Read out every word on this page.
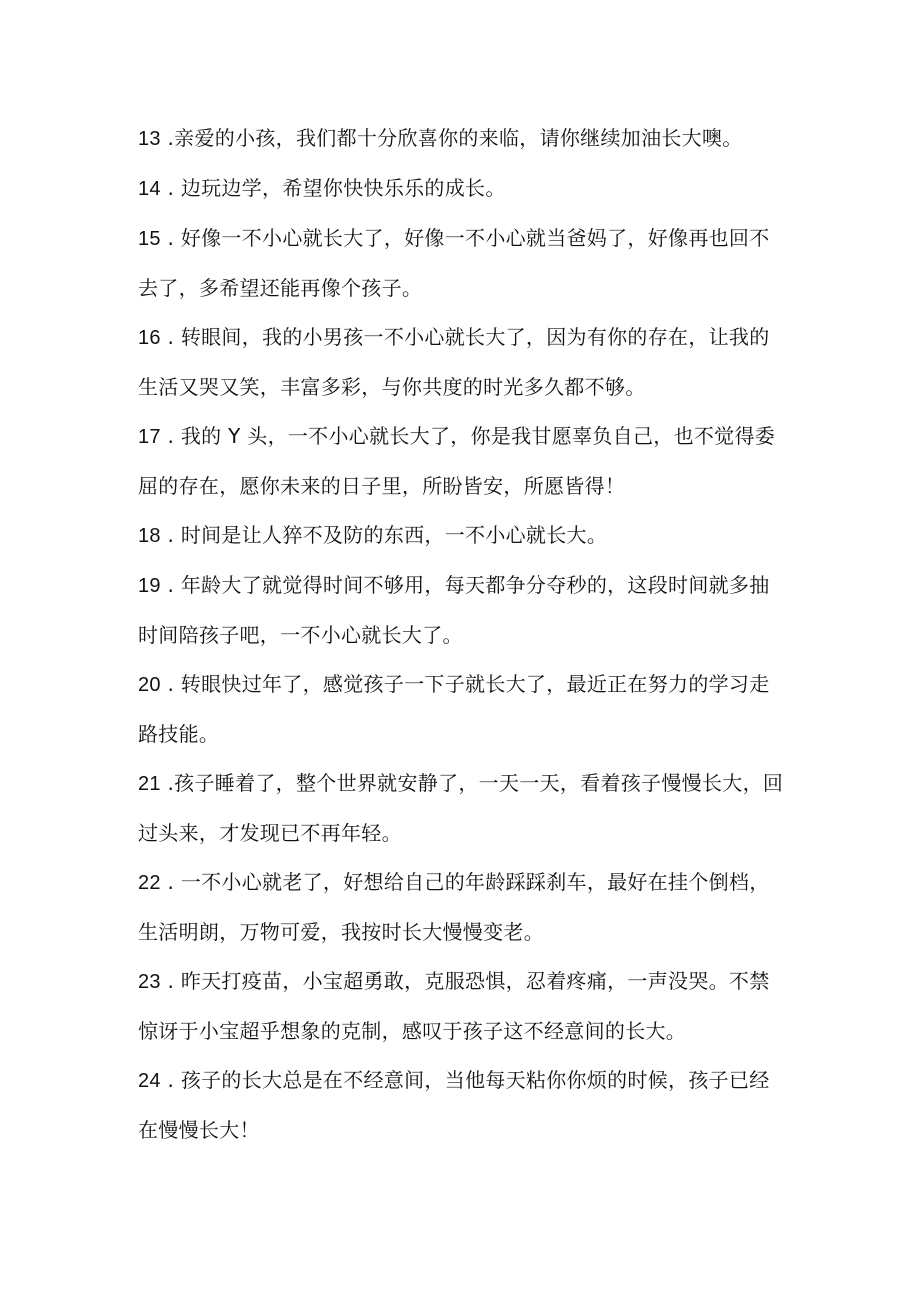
13 .亲爱的小孩，我们都十分欣喜你的来临，请你继续加油长大噢。
14 . 边玩边学，希望你快快乐乐的成长。
15 . 好像一不小心就长大了，好像一不小心就当爸妈了，好像再也回不去了，多希望还能再像个孩子。
16 . 转眼间，我的小男孩一不小心就长大了，因为有你的存在，让我的生活又哭又笑，丰富多彩，与你共度的时光多久都不够。
17 . 我的 Y 头，一不小心就长大了，你是我甘愿辜负自己，也不觉得委屈的存在，愿你未来的日子里，所盼皆安，所愿皆得！
18 . 时间是让人猝不及防的东西，一不小心就长大。
19 . 年龄大了就觉得时间不够用，每天都争分夺秒的，这段时间就多抽时间陪孩子吧，一不小心就长大了。
20 . 转眼快过年了，感觉孩子一下子就长大了，最近正在努力的学习走路技能。
21 .孩子睡着了，整个世界就安静了，一天一天，看着孩子慢慢长大，回过头来，才发现已不再年轻。
22 . 一不小心就老了，好想给自己的年龄踩踩刹车，最好在挂个倒档，生活明朗，万物可爱，我按时长大慢慢变老。
23 . 昨天打疫苗，小宝超勇敢，克服恐惧，忍着疼痛，一声没哭。不禁惊讶于小宝超乎想象的克制，感叹于孩子这不经意间的长大。
24 . 孩子的长大总是在不经意间，当他每天粘你你烦的时候，孩子已经在慢慢长大！
